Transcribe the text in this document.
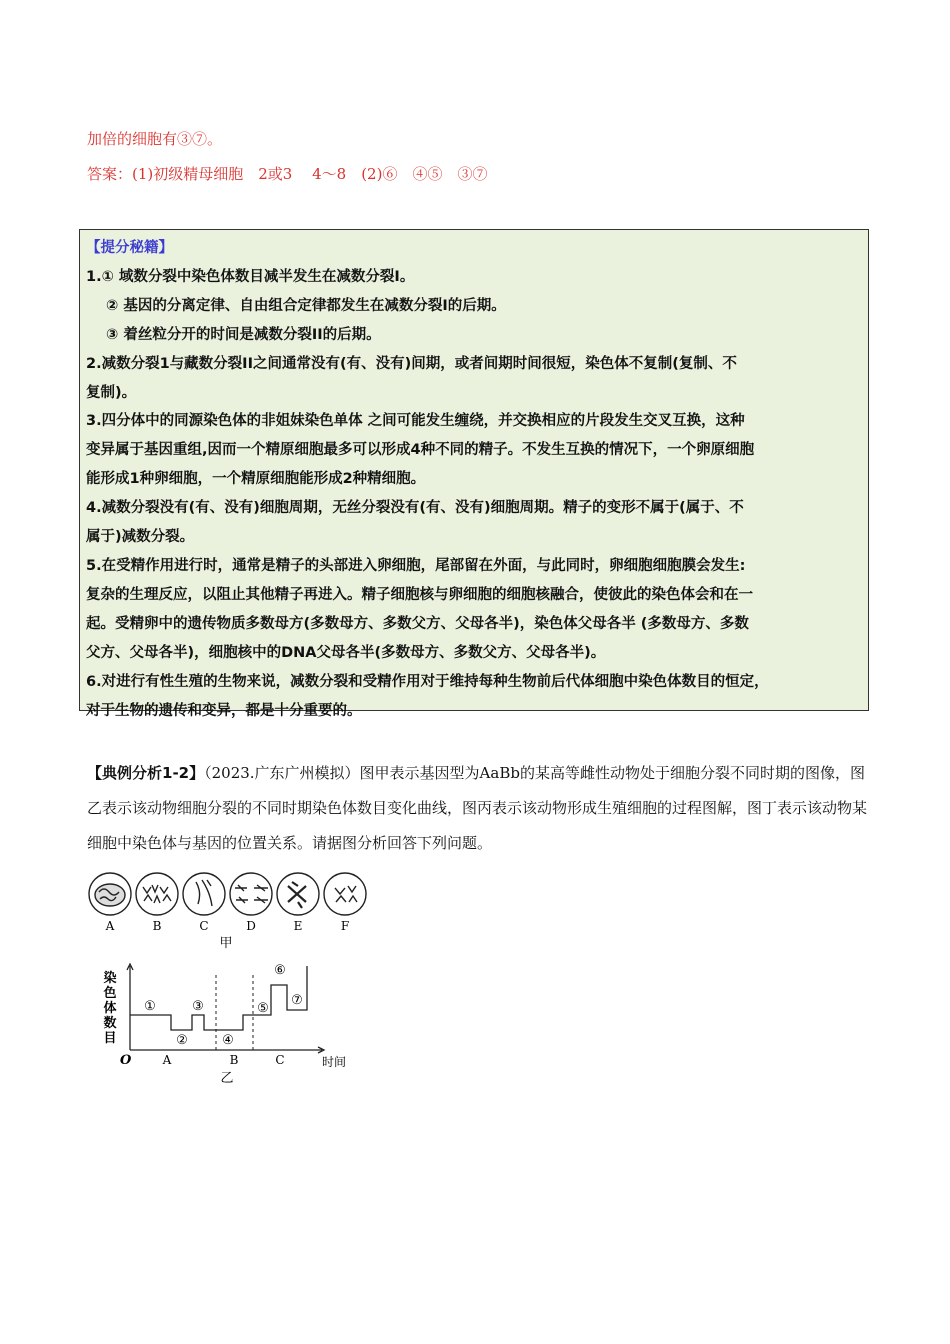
加倍的细胞有③⑦。
答案：(1)初级精母细胞　2或3　 4～8　(2)⑥　④⑤　③⑦

【提分秘籍】

1.① 域数分裂中染色体数目减半发生在减数分裂Ⅰ。

② 基因的分离定律、自由组合定律都发生在减数分裂Ⅰ的后期。

③ 着丝粒分开的时间是减数分裂II的后期。

2.减数分裂1与藏数分裂II之间通常没有(有、没有)间期，或者间期时间很短，染色体不复制(复制、不

复制)。

3.四分体中的同源染色体的非姐妹染色单体 之间可能发生缠绕，并交换相应的片段发生交叉互换，这种

变异属于基因重组,因而一个精原细胞最多可以形成4种不同的精子。不发生互换的情况下，一个卵原细胞

能形成1种卵细胞，一个精原细胞能形成2种精细胞。

4.减数分裂没有(有、没有)细胞周期，无丝分裂没有(有、没有)细胞周期。精子的变形不属于(属于、不

属于)减数分裂。

5.在受精作用进行时，通常是精子的头部进入卵细胞，尾部留在外面，与此同时，卵细胞细胞膜会发生:

复杂的生理反应，以阻止其他精子再进入。精子细胞核与卵细胞的细胞核融合，使彼此的染色体会和在一

起。受精卵中的遗传物质多数母方(多数母方、多数父方、父母各半)，染色体父母各半 (多数母方、多数

父方、父母各半)，细胞核中的DNA父母各半(多数母方、多数父方、父母各半)。

6.对进行有性生殖的生物来说，减数分裂和受精作用对于维持每种生物前后代体细胞中染色体数目的恒定，

对于生物的遗传和变异，都是十分重要的。

【典例分析1-2】（2023.广东广州模拟）图甲表示基因型为AaBb的某高等雌性动物处于细胞分裂不同时期的图像，图乙表示该动物细胞分裂的不同时期染色体数目变化曲线，图丙表示该动物形成生殖细胞的过程图解，图丁表示该动物某细胞中染色体与基因的位置关系。请据图分析回答下列问题。
A	B	C	D	E	F
甲
染
色
体
数
目
①
②
③
④
⑤
⑥
⑦
O	A	B	C	时间
乙
